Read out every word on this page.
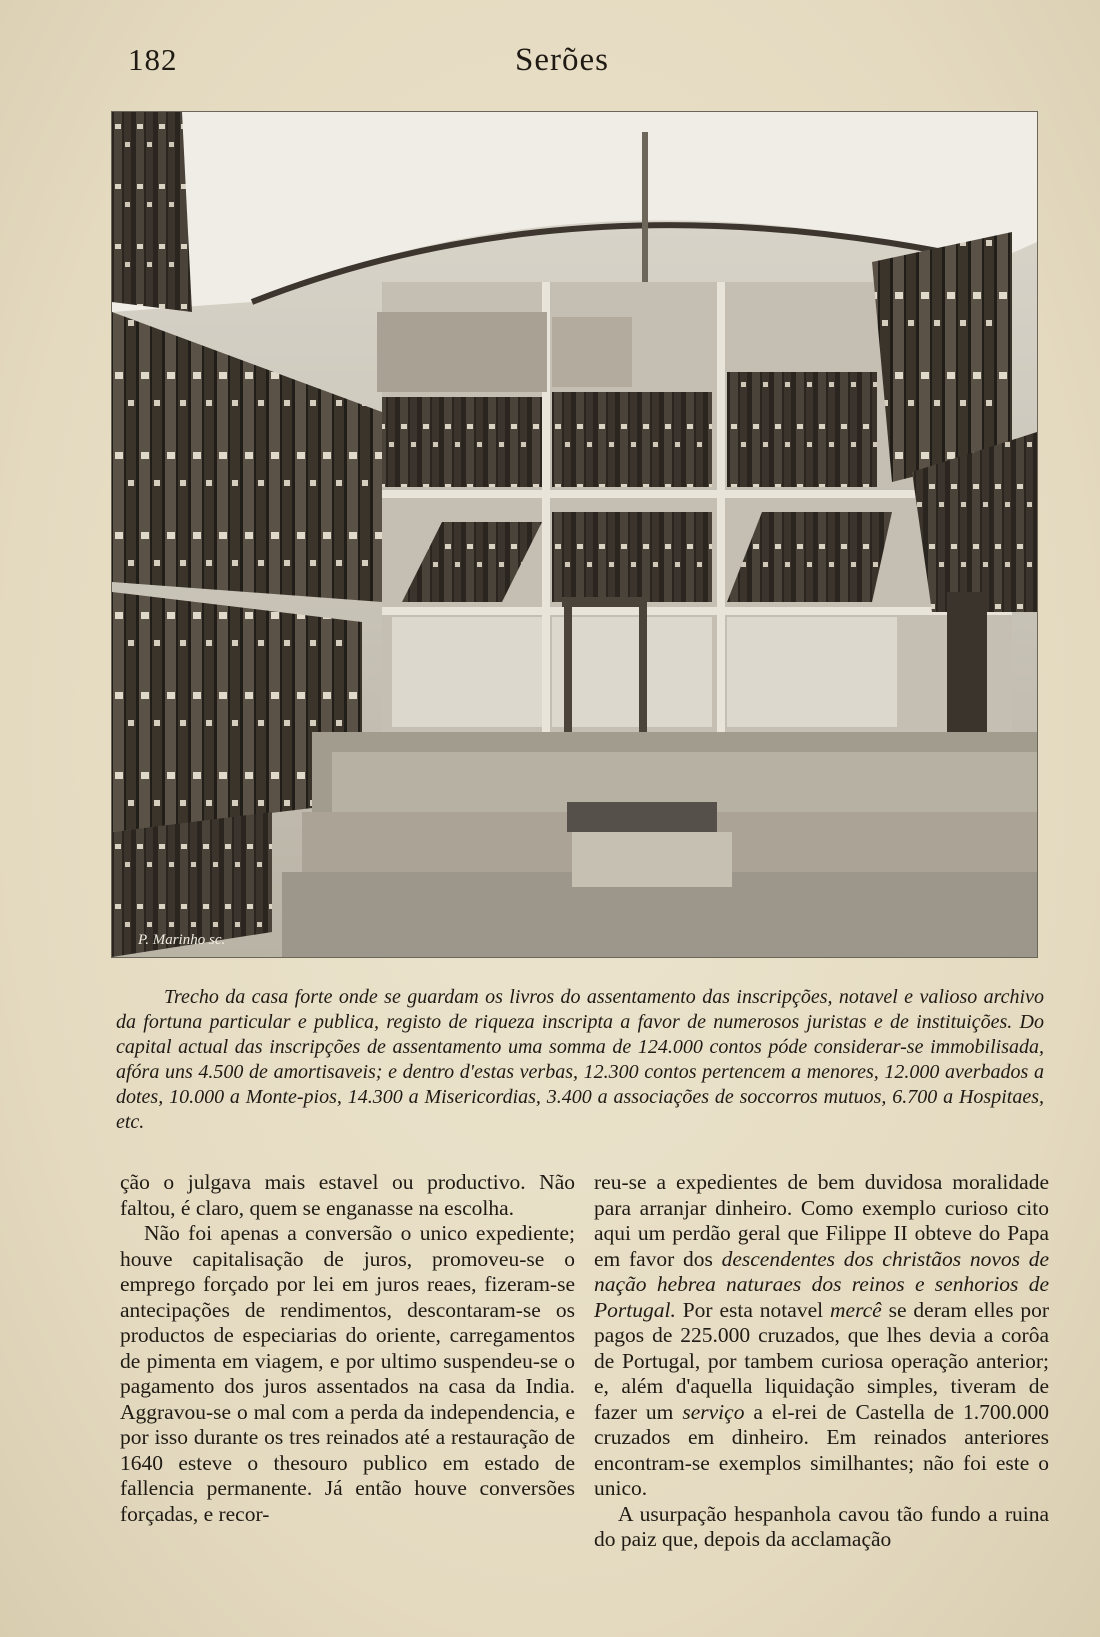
182	Serões
P. Marinho sc.

Trecho da casa forte onde se guardam os livros do assentamento das inscripções, notavel e valioso archivo da fortuna particular e publica, registo de riqueza inscripta a favor de numerosos juristas e de instituições. Do capital actual das inscripções de assentamento uma somma de 124.000 contos póde considerar-se immobilisada, afóra uns 4.500 de amortisaveis; e dentro d'estas verbas, 12.300 contos pertencem a menores, 12.000 averbados a dotes, 10.000 a Monte-pios, 14.300 a Misericordias, 3.400 a associações de soccorros mutuos, 6.700 a Hospitaes, etc.

ção o julgava mais estavel ou productivo. Não faltou, é claro, quem se enganasse na escolha.

Não foi apenas a conversão o unico expediente; houve capitalisação de juros, promoveu-se o emprego forçado por lei em juros reaes, fizeram-se antecipações de rendimentos, descontaram-se os productos de especiarias do oriente, carregamentos de pimenta em viagem, e por ultimo suspendeu-se o pagamento dos juros assentados na casa da India. Aggravou-se o mal com a perda da independencia, e por isso durante os tres reinados até a restauração de 1640 esteve o thesouro publico em estado de fallencia permanente. Já então houve conversões forçadas, e recor-

reu-se a expedientes de bem duvidosa moralidade para arranjar dinheiro. Como exemplo curioso cito aqui um perdão geral que Filippe II obteve do Papa em favor dos descendentes dos christãos novos de nação hebrea naturaes dos reinos e senhorios de Portugal. Por esta notavel mercê se deram elles por pagos de 225.000 cruzados, que lhes devia a corôa de Portugal, por tambem curiosa operação anterior; e, além d'aquella liquidação simples, tiveram de fazer um serviço a el-rei de Castella de 1.700.000 cruzados em dinheiro. Em reinados anteriores encontram-se exemplos similhantes; não foi este o unico.

A usurpação hespanhola cavou tão fundo a ruina do paiz que, depois da acclamação
